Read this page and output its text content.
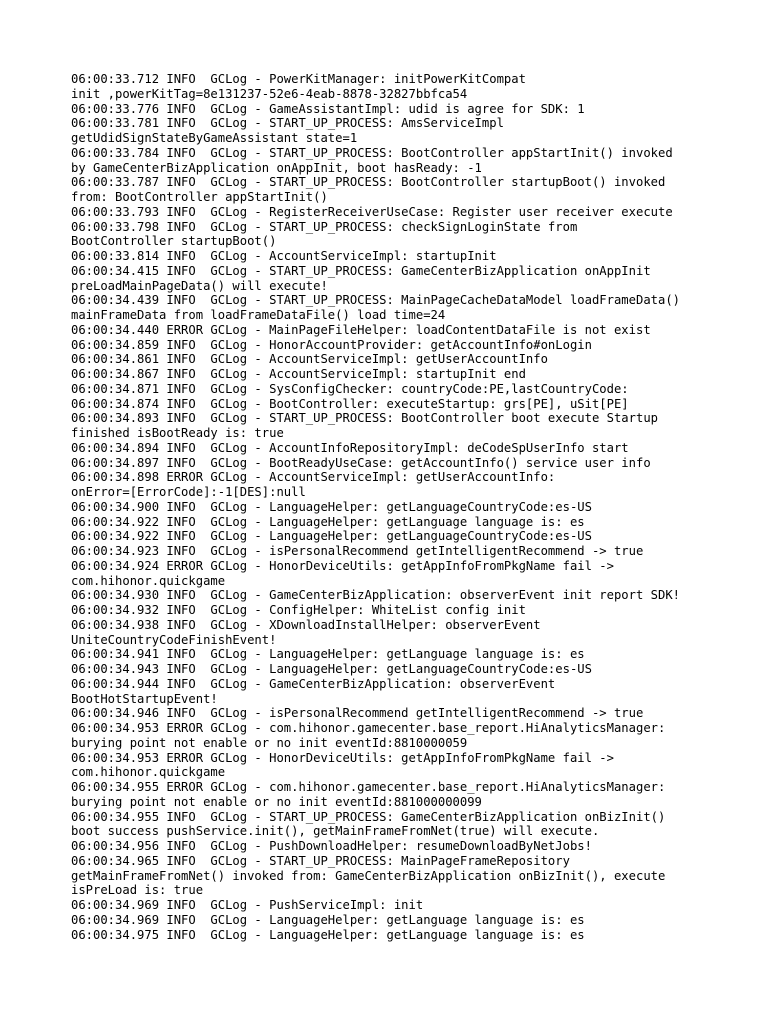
06:00:33.712 INFO  GCLog - PowerKitManager: initPowerKitCompat
init ,powerKitTag=8e131237-52e6-4eab-8878-32827bbfca54
06:00:33.776 INFO  GCLog - GameAssistantImpl: udid is agree for SDK: 1
06:00:33.781 INFO  GCLog - START_UP_PROCESS: AmsServiceImpl
getUdidSignStateByGameAssistant state=1
06:00:33.784 INFO  GCLog - START_UP_PROCESS: BootController appStartInit() invoked
by GameCenterBizApplication onAppInit, boot hasReady: -1
06:00:33.787 INFO  GCLog - START_UP_PROCESS: BootController startupBoot() invoked
from: BootController appStartInit()
06:00:33.793 INFO  GCLog - RegisterReceiverUseCase: Register user receiver execute
06:00:33.798 INFO  GCLog - START_UP_PROCESS: checkSignLoginState from
BootController startupBoot()
06:00:33.814 INFO  GCLog - AccountServiceImpl: startupInit
06:00:34.415 INFO  GCLog - START_UP_PROCESS: GameCenterBizApplication onAppInit
preLoadMainPageData() will execute!
06:00:34.439 INFO  GCLog - START_UP_PROCESS: MainPageCacheDataModel loadFrameData()
mainFrameData from loadFrameDataFile() load time=24
06:00:34.440 ERROR GCLog - MainPageFileHelper: loadContentDataFile is not exist
06:00:34.859 INFO  GCLog - HonorAccountProvider: getAccountInfo#onLogin
06:00:34.861 INFO  GCLog - AccountServiceImpl: getUserAccountInfo
06:00:34.867 INFO  GCLog - AccountServiceImpl: startupInit end
06:00:34.871 INFO  GCLog - SysConfigChecker: countryCode:PE,lastCountryCode:
06:00:34.874 INFO  GCLog - BootController: executeStartup: grs[PE], uSit[PE]
06:00:34.893 INFO  GCLog - START_UP_PROCESS: BootController boot execute Startup
finished isBootReady is: true
06:00:34.894 INFO  GCLog - AccountInfoRepositoryImpl: deCodeSpUserInfo start
06:00:34.897 INFO  GCLog - BootReadyUseCase: getAccountInfo() service user info
06:00:34.898 ERROR GCLog - AccountServiceImpl: getUserAccountInfo:
onError=[ErrorCode]:-1[DES]:null
06:00:34.900 INFO  GCLog - LanguageHelper: getLanguageCountryCode:es-US
06:00:34.922 INFO  GCLog - LanguageHelper: getLanguage language is: es
06:00:34.922 INFO  GCLog - LanguageHelper: getLanguageCountryCode:es-US
06:00:34.923 INFO  GCLog - isPersonalRecommend getIntelligentRecommend -> true
06:00:34.924 ERROR GCLog - HonorDeviceUtils: getAppInfoFromPkgName fail ->
com.hihonor.quickgame
06:00:34.930 INFO  GCLog - GameCenterBizApplication: observerEvent init report SDK!
06:00:34.932 INFO  GCLog - ConfigHelper: WhiteList config init
06:00:34.938 INFO  GCLog - XDownloadInstallHelper: observerEvent
UniteCountryCodeFinishEvent!
06:00:34.941 INFO  GCLog - LanguageHelper: getLanguage language is: es
06:00:34.943 INFO  GCLog - LanguageHelper: getLanguageCountryCode:es-US
06:00:34.944 INFO  GCLog - GameCenterBizApplication: observerEvent
BootHotStartupEvent!
06:00:34.946 INFO  GCLog - isPersonalRecommend getIntelligentRecommend -> true
06:00:34.953 ERROR GCLog - com.hihonor.gamecenter.base_report.HiAnalyticsManager:
burying point not enable or no init eventId:8810000059
06:00:34.953 ERROR GCLog - HonorDeviceUtils: getAppInfoFromPkgName fail ->
com.hihonor.quickgame
06:00:34.955 ERROR GCLog - com.hihonor.gamecenter.base_report.HiAnalyticsManager:
burying point not enable or no init eventId:881000000099
06:00:34.955 INFO  GCLog - START_UP_PROCESS: GameCenterBizApplication onBizInit()
boot success pushService.init(), getMainFrameFromNet(true) will execute.
06:00:34.956 INFO  GCLog - PushDownloadHelper: resumeDownloadByNetJobs!
06:00:34.965 INFO  GCLog - START_UP_PROCESS: MainPageFrameRepository
getMainFrameFromNet() invoked from: GameCenterBizApplication onBizInit(), execute
isPreLoad is: true
06:00:34.969 INFO  GCLog - PushServiceImpl: init
06:00:34.969 INFO  GCLog - LanguageHelper: getLanguage language is: es
06:00:34.975 INFO  GCLog - LanguageHelper: getLanguage language is: es
